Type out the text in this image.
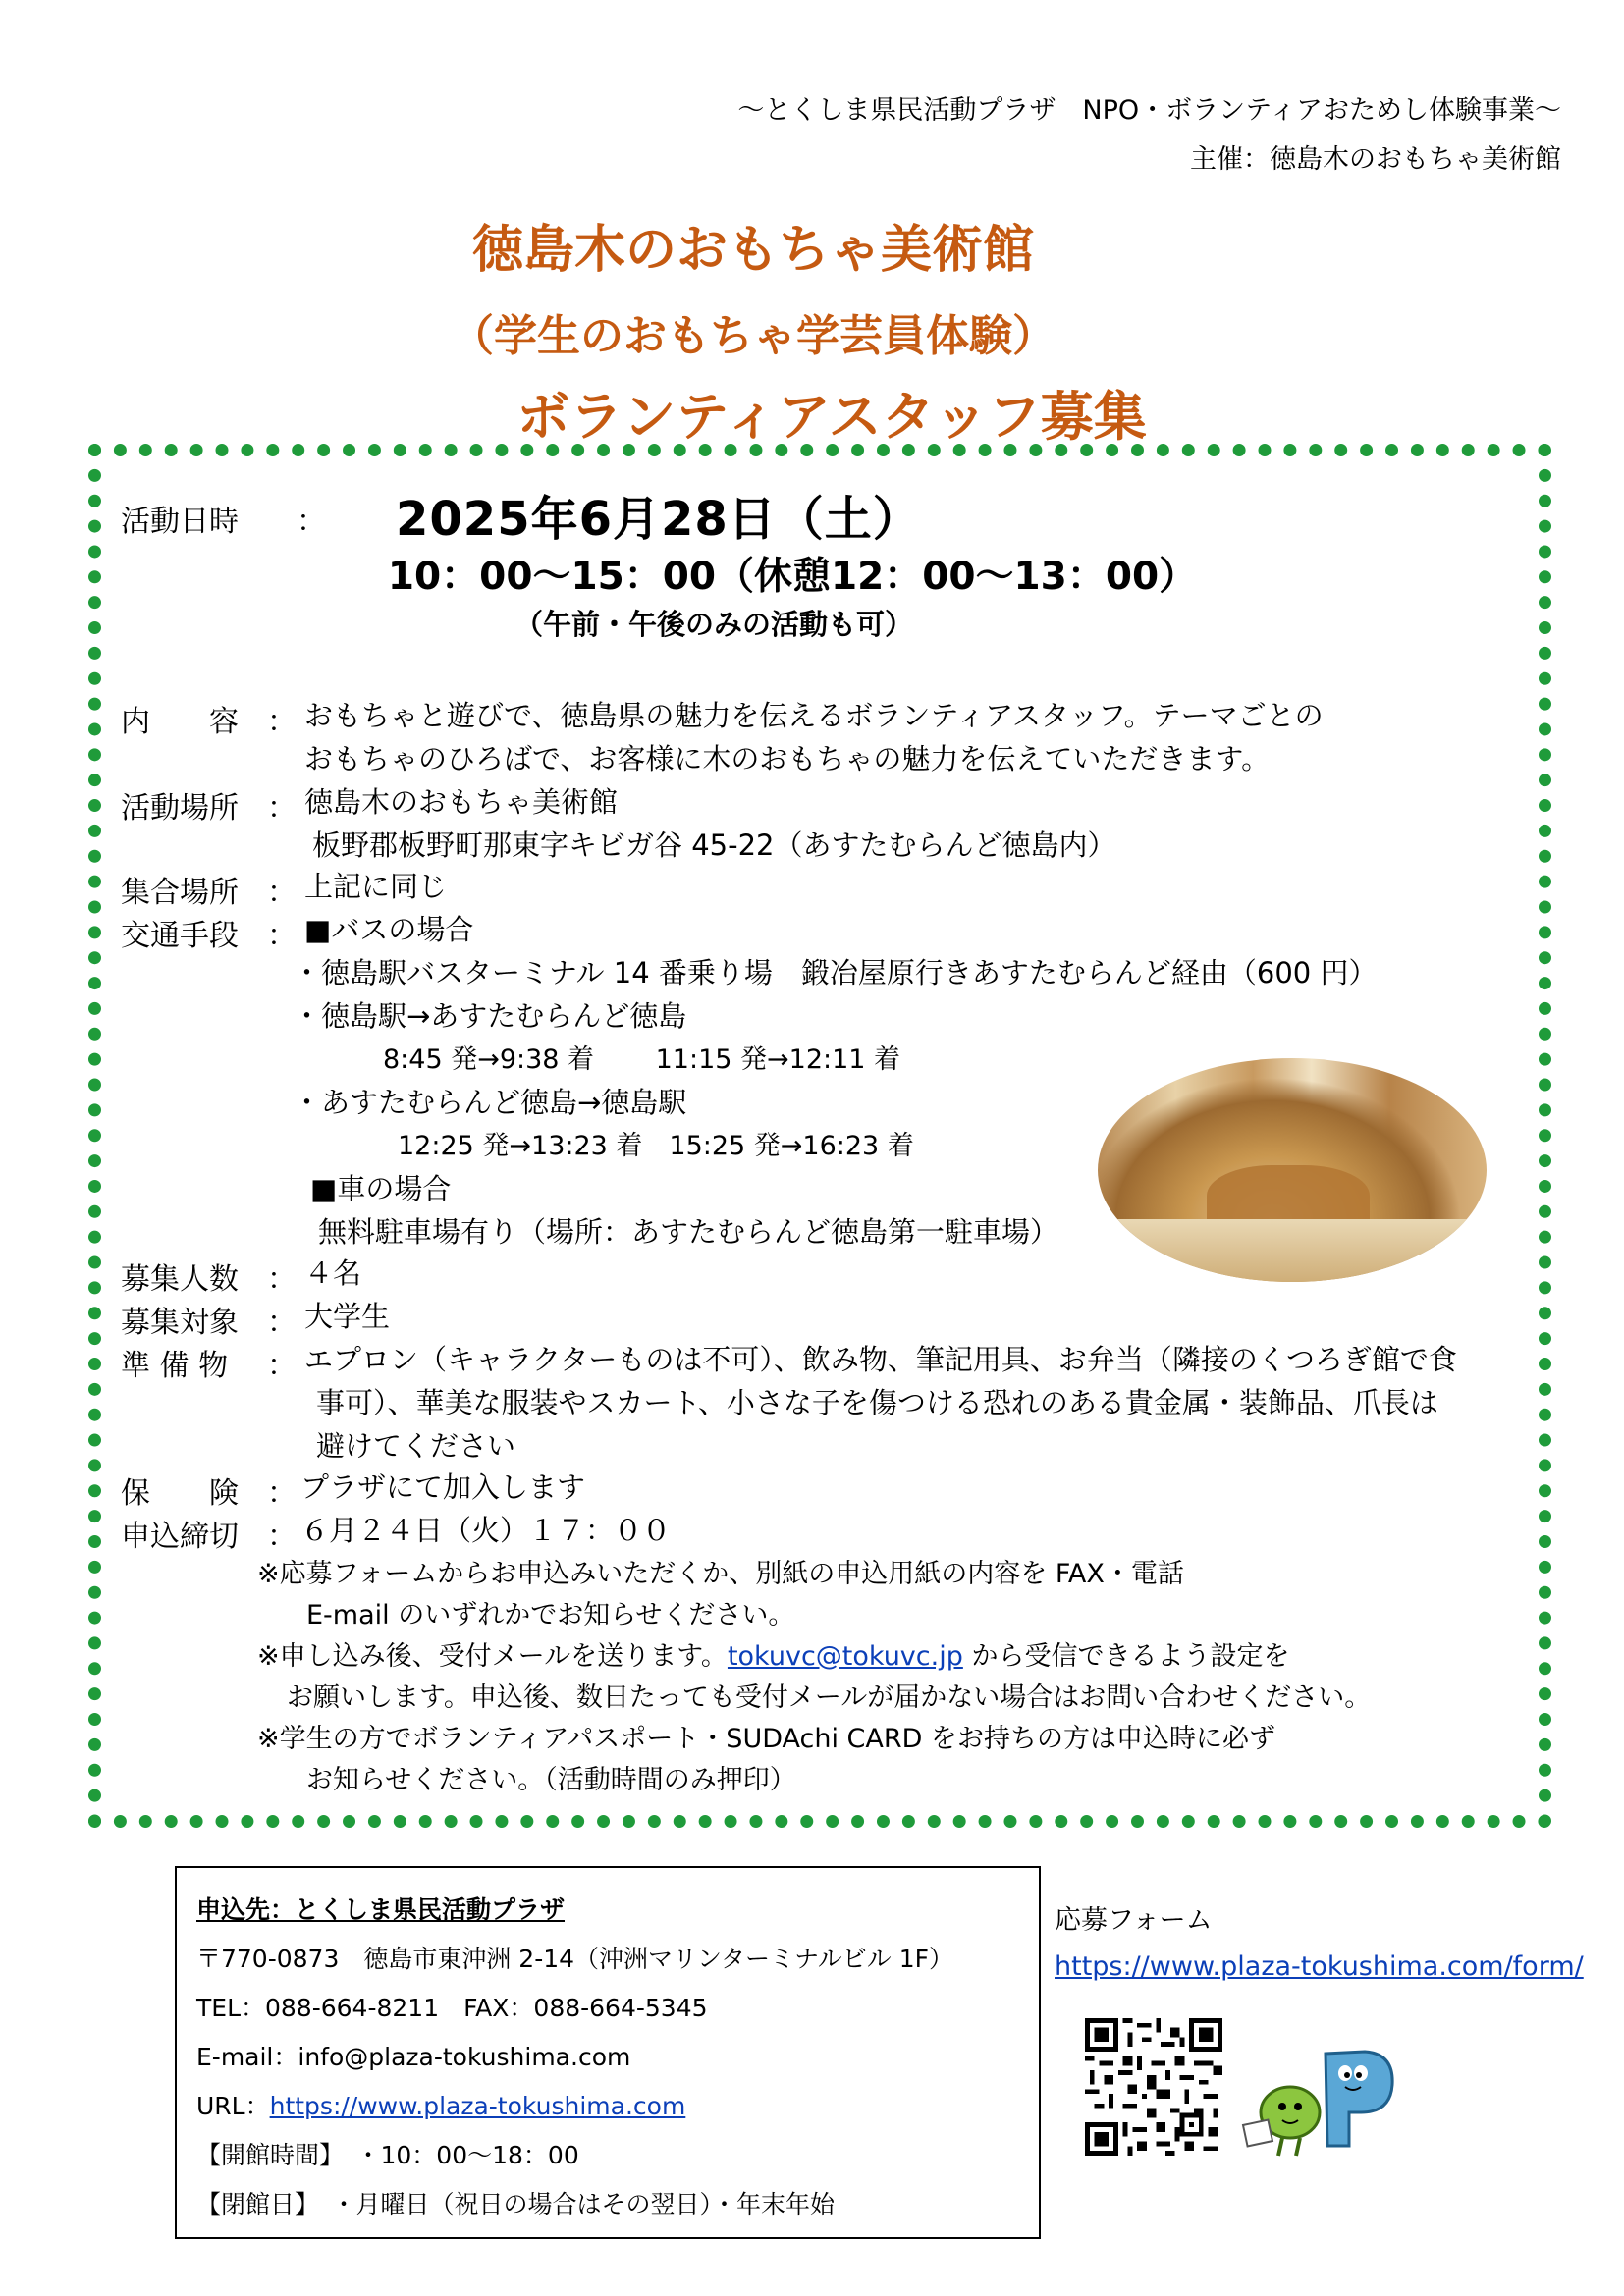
～とくしま県民活動プラザ　NPO・ボランティアおためし体験事業～
主催：徳島木のおもちゃ美術館
徳島木のおもちゃ美術館
（学生のおもちゃ学芸員体験）
ボランティアスタッフ募集
活動日時 ： 2025年6月28日（土）
10：00～15：00（休憩12：00～13：00）
（午前・午後のみの活動も可）
内　　容 ： おもちゃと遊びで、徳島県の魅力を伝えるボランティアスタッフ。テーマごとの
おもちゃのひろばで、お客様に木のおもちゃの魅力を伝えていただきます。
活動場所 ： 徳島木のおもちゃ美術館
板野郡板野町那東字キビガ谷 45-22（あすたむらんど徳島内）
集合場所 ： 上記に同じ
交通手段 ： ■バスの場合
・徳島駅バスターミナル 14 番乗り場　鍛冶屋原行きあすたむらんど経由（600 円）
・徳島駅→あすたむらんど徳島
8:45 発→9:38 着　　 11:15 発→12:11 着
・あすたむらんど徳島→徳島駅
12:25 発→13:23 着　15:25 発→16:23 着
■車の場合
無料駐車場有り（場所：あすたむらんど徳島第一駐車場）
募集人数 ： ４名
募集対象 ： 大学生
準 備 物 ： エプロン（キャラクターものは不可）、飲み物、筆記用具、お弁当（隣接のくつろぎ館で食
事可）、華美な服装やスカート、小さな子を傷つける恐れのある貴金属・装飾品、爪長は
避けてください
保　　険 ： プラザにて加入します
申込締切 ： ６月２４日（火）１７：００
※応募フォームからお申込みいただくか、別紙の申込用紙の内容を FAX・電話
E-mail のいずれかでお知らせください。
※申し込み後、受付メールを送ります。tokuvc@tokuvc.jp から受信できるよう設定を
お願いします。申込後、数日たっても受付メールが届かない場合はお問い合わせください。
※学生の方でボランティアパスポート・SUDAchi CARD をお持ちの方は申込時に必ず
お知らせください。（活動時間のみ押印）
申込先：とくしま県民活動プラザ
〒770-0873　徳島市東沖洲 2-14（沖洲マリンターミナルビル 1F）
TEL：088-664-8211　FAX：088-664-5345
E-mail：info@plaza-tokushima.com
URL：https://www.plaza-tokushima.com
【開館時間】　・10：00～18：00
【閉館日】　・月曜日（祝日の場合はその翌日）・年末年始
応募フォーム
https://www.plaza-tokushima.com/form/
